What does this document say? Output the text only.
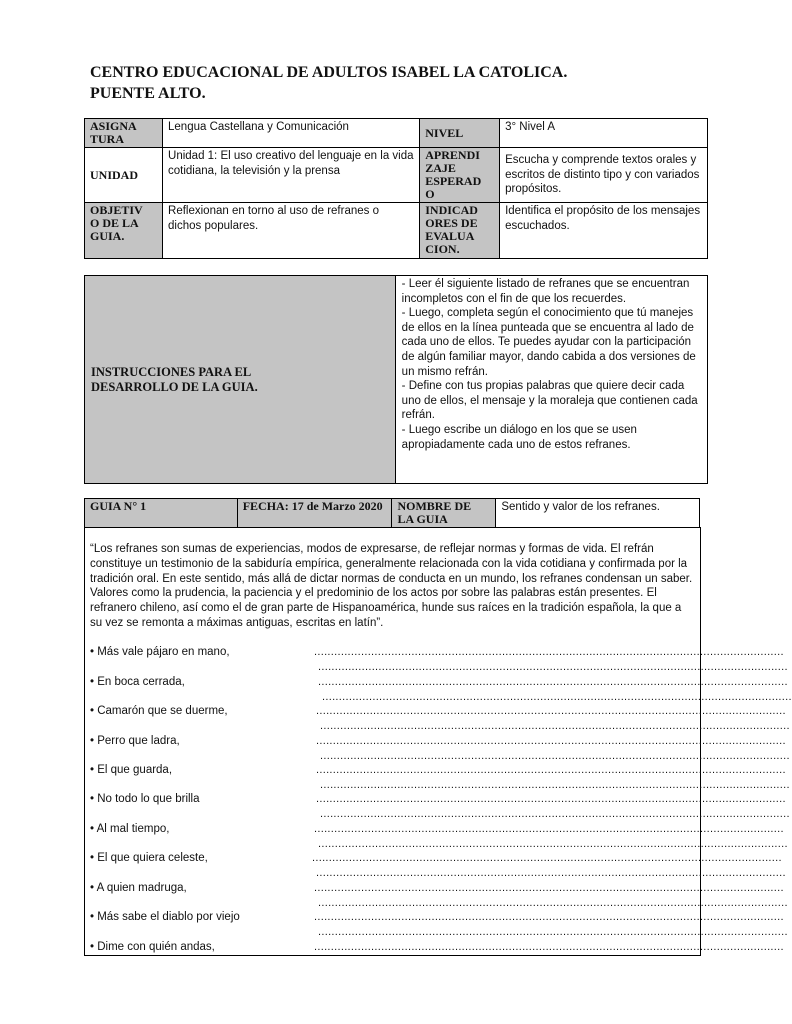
CENTRO EDUCACIONAL DE ADULTOS ISABEL LA CATOLICA.
PUENTE ALTO.
ASIGNA TURA	Lengua Castellana y Comunicación	NIVEL	3° Nivel A
UNIDAD	Unidad 1: El uso creativo del lenguaje en la vida cotidiana, la televisión y la prensa	APRENDI ZAJE ESPERAD O	Escucha y comprende textos orales y escritos de distinto tipo y con variados propósitos.
OBJETIV O DE LA GUIA.	Reflexionan en torno al uso de refranes o dichos populares.	INDICAD ORES DE EVALUA CION.	Identifica el propósito de los mensajes escuchados.
INSTRUCCIONES PARA EL DESARROLLO DE LA GUIA.	
- Leer él siguiente listado de refranes que se encuentran incompletos con el fin de que los recuerdes.
- Luego, completa según el conocimiento que tú manejes de ellos en la línea punteada que se encuentra al lado de cada uno de ellos. Te puedes ayudar con la participación de algún familiar mayor, dando cabida a dos versiones de un mismo refrán.
- Define con tus propias palabras que quiere decir cada uno de ellos, el mensaje y la moraleja que contienen cada refrán.
- Luego escribe un diálogo en los que se usen apropiadamente cada uno de estos refranes.
GUIA N° 1	FECHA: 17 de Marzo 2020	NOMBRE DE LA GUIA	Sentido y valor de los refranes.
“Los refranes son sumas de experiencias, modos de expresarse, de reflejar normas y formas de vida. El refrán constituye un testimonio de la sabiduría empírica, generalmente relacionada con la vida cotidiana y confirmada por la tradición oral. En este sentido, más allá de dictar normas de conducta en un mundo, los refranes condensan un saber. Valores como la prudencia, la paciencia y el predominio de los actos por sobre las palabras están presentes. El refranero chileno, así como el de gran parte de Hispanoamérica, hunde sus raíces en la tradición española, la que a su vez se remonta a máximas antiguas, escritas en latín”.
• Más vale pájaro en mano,	............................................................................................................................................
............................................................................................................................................
• En boca cerrada,	............................................................................................................................................
............................................................................................................................................
• Camarón que se duerme,	............................................................................................................................................
............................................................................................................................................
• Perro que ladra,	............................................................................................................................................
............................................................................................................................................
• El que guarda,	............................................................................................................................................
............................................................................................................................................
• No todo lo que brilla	............................................................................................................................................
............................................................................................................................................
• Al mal tiempo,	............................................................................................................................................
............................................................................................................................................
• El que quiera celeste,	............................................................................................................................................
............................................................................................................................................
• A quien madruga,	............................................................................................................................................
............................................................................................................................................
• Más sabe el diablo por viejo	............................................................................................................................................
............................................................................................................................................
• Dime con quién andas,	............................................................................................................................................
